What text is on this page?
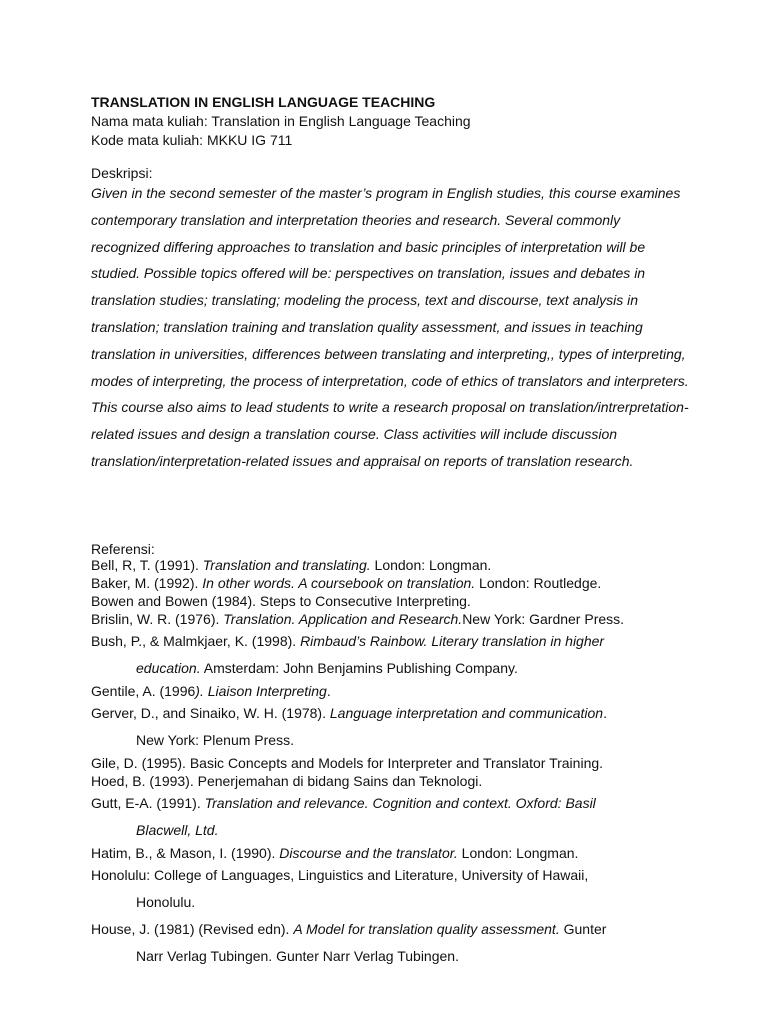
TRANSLATION IN ENGLISH LANGUAGE TEACHING

Nama mata kuliah: Translation in English Language Teaching

Kode mata kuliah: MKKU IG 711

Deskripsi:
Given in the second semester of the master’s program in English studies, this course examines contemporary translation and interpretation theories and research. Several commonly recognized differing approaches to translation and basic principles of interpretation will be studied. Possible topics offered will be: perspectives on translation, issues and debates in translation studies; translating; modeling the process, text and discourse, text analysis in translation; translation training and translation quality assessment, and issues in teaching translation in universities, differences between translating and interpreting,, types of interpreting, modes of interpreting, the process of interpretation, code of ethics of translators and interpreters. This course also aims to lead students to write a research proposal on translation/intrerpretation-related issues and design a translation course. Class activities will include discussion translation/interpretation-related issues and appraisal on reports of translation research.
Referensi:
Bell, R, T. (1991). Translation and translating. London: Longman.
Baker, M. (1992). In other words. A coursebook on translation. London: Routledge.
Bowen and Bowen (1984). Steps to Consecutive Interpreting.
Brislin, W. R. (1976). Translation. Application and Research.New York: Gardner Press.
Bush, P., & Malmkjaer, K. (1998). Rimbaud’s Rainbow. Literary translation in higher
education. Amsterdam: John Benjamins Publishing Company.
Gentile, A. (1996). Liaison Interpreting.
Gerver, D., and Sinaiko, W. H. (1978). Language interpretation and communication.
New York: Plenum Press.
Gile, D. (1995). Basic Concepts and Models for Interpreter and Translator Training.
Hoed, B. (1993). Penerjemahan di bidang Sains dan Teknologi.
Gutt, E-A. (1991). Translation and relevance. Cognition and context. Oxford: Basil
Blacwell, Ltd.
Hatim, B., & Mason, I. (1990). Discourse and the translator. London: Longman.
Honolulu: College of Languages, Linguistics and Literature, University of Hawaii,
Honolulu.
House, J. (1981) (Revised edn). A Model for translation quality assessment. Gunter
Narr Verlag Tubingen. Gunter Narr Verlag Tubingen.
